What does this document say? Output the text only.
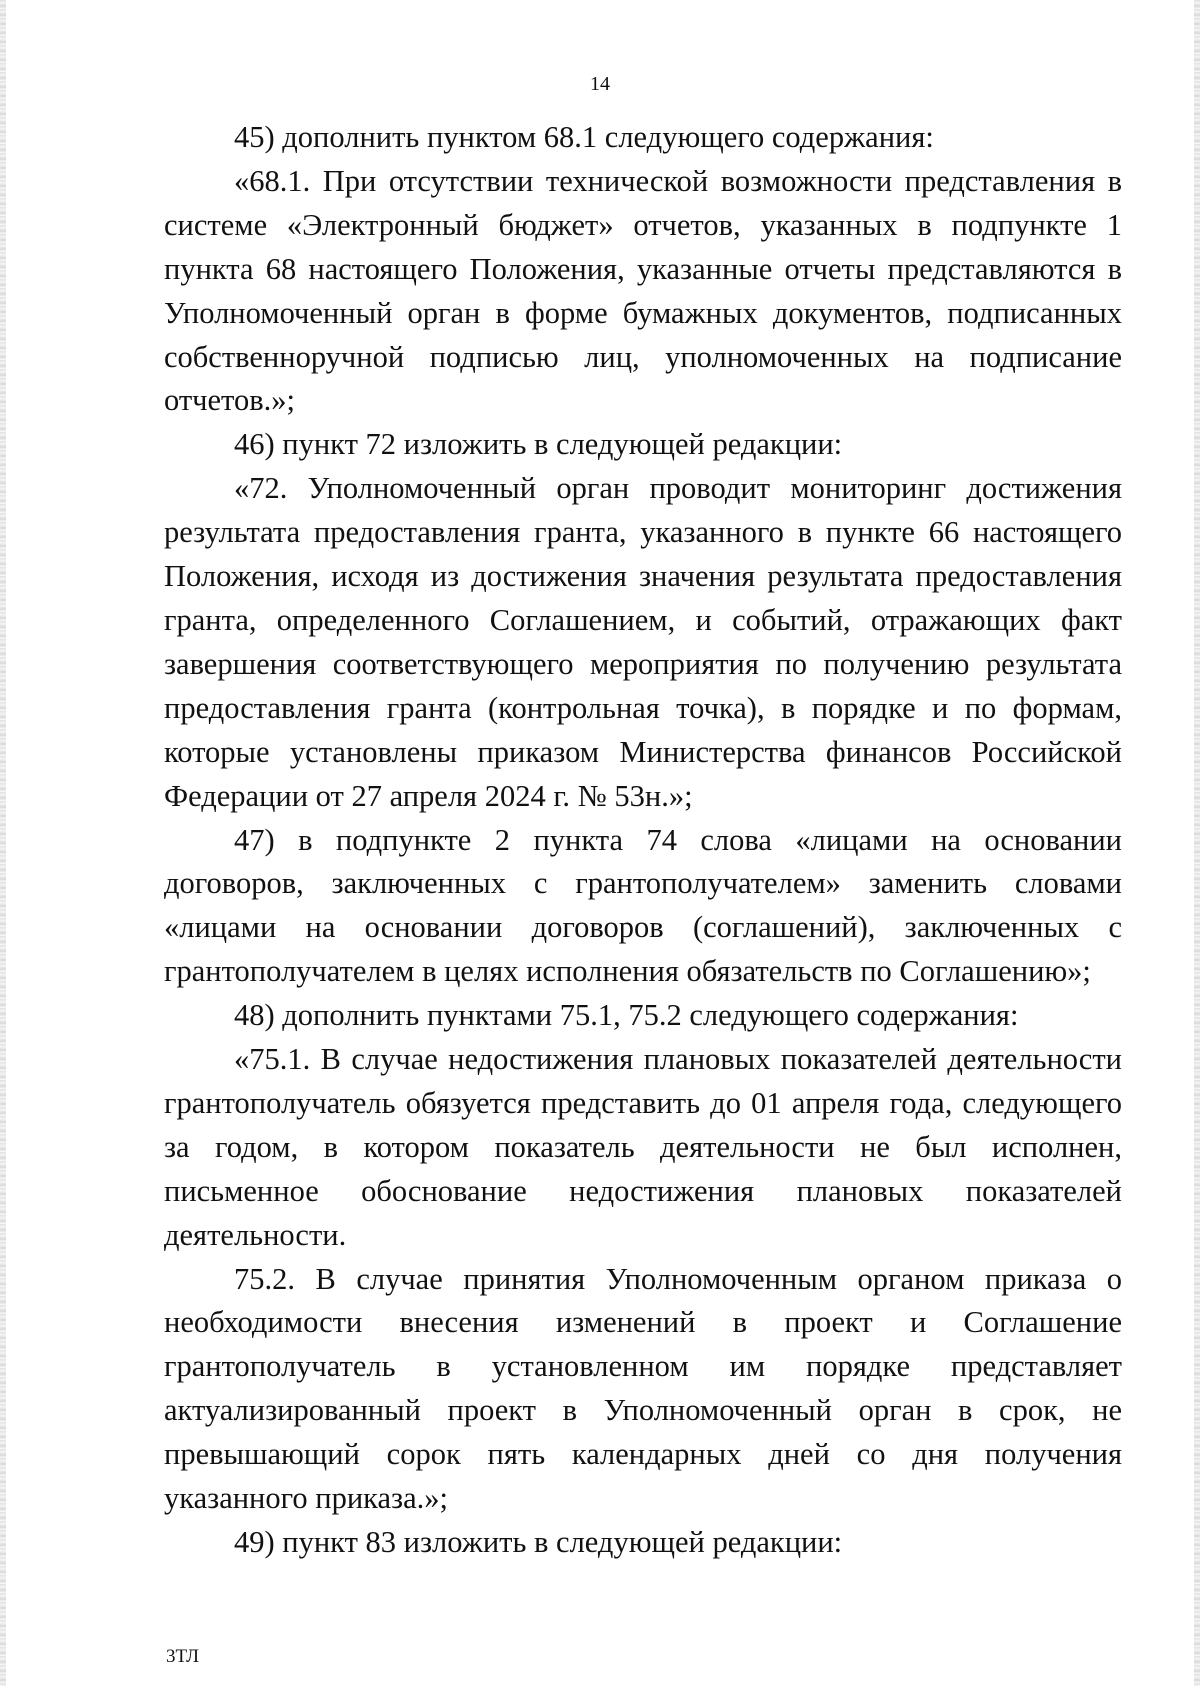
14

45) дополнить пунктом 68.1 следующего содержания:

«68.1. При отсутствии технической возможности представления в системе «Электронный бюджет» отчетов, указанных в подпункте 1 пункта 68 настоящего Положения, указанные отчеты представляются в Уполномоченный орган в форме бумажных документов, подписанных собственноручной подписью лиц, уполномоченных на подписание отчетов.»;

46) пункт 72 изложить в следующей редакции:

«72. Уполномоченный орган проводит мониторинг достижения результата предоставления гранта, указанного в пункте 66 настоящего Положения, исходя из достижения значения результата предоставления гранта, определенного Соглашением, и событий, отражающих факт завершения соответствующего мероприятия по получению результата предоставления гранта (контрольная точка), в порядке и по формам, которые установлены приказом Министерства финансов Российской Федерации от 27 апреля 2024 г. № 53н.»;

47) в подпункте 2 пункта 74 слова «лицами на основании договоров, заключенных с грантополучателем» заменить словами «лицами на основании договоров (соглашений), заключенных с грантополучателем в целях исполнения обязательств по Соглашению»;

48) дополнить пунктами 75.1, 75.2 следующего содержания:

«75.1. В случае недостижения плановых показателей деятельности грантополучатель обязуется представить до 01 апреля года, следующего за годом, в котором показатель деятельности не был исполнен, письменное обоснование недостижения плановых показателей деятельности.

75.2. В случае принятия Уполномоченным органом приказа о необходимости внесения изменений в проект и Соглашение грантополучатель в установленном им порядке представляет актуализированный проект в Уполномоченный орган в срок, не превышающий сорок пять календарных дней со дня получения указанного приказа.»;

49) пункт 83 изложить в следующей редакции:

3ТЛ
